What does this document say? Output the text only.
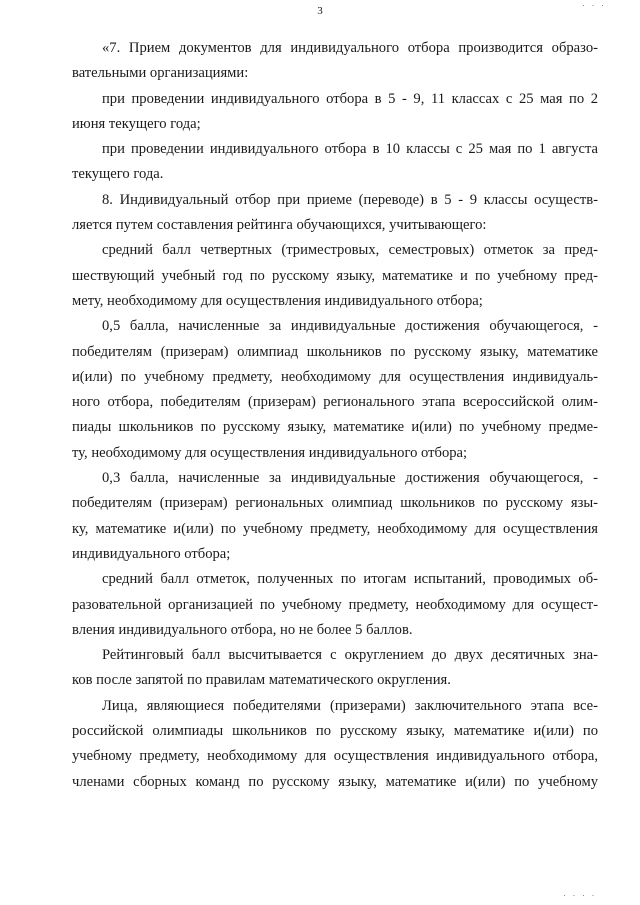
3	· · ·
· · · ·
«7. Прием документов для индивидуального отбора производится образо-
вательными организациями:
при проведении индивидуального отбора в 5 - 9, 11 классах с 25 мая по 2
июня текущего года;
при проведении индивидуального отбора в 10 классы с 25 мая по 1 августа
текущего года.
8. Индивидуальный отбор при приеме (переводе) в 5 - 9 классы осуществ-
ляется путем составления рейтинга обучающихся, учитывающего:
средний балл четвертных (триместровых, семестровых) отметок за пред-
шествующий учебный год по русскому языку, математике и по учебному пред-
мету, необходимому для осуществления индивидуального отбора;
0,5 балла, начисленные за индивидуальные достижения обучающегося, -
победителям (призерам) олимпиад школьников по русскому языку, математике
и(или) по учебному предмету, необходимому для осуществления индивидуаль-
ного отбора, победителям (призерам) регионального этапа всероссийской олим-
пиады школьников по русскому языку, математике и(или) по учебному предме-
ту, необходимому для осуществления индивидуального отбора;
0,3 балла, начисленные за индивидуальные достижения обучающегося, -
победителям (призерам) региональных олимпиад школьников по русскому язы-
ку, математике и(или) по учебному предмету, необходимому для осуществления
индивидуального отбора;
средний балл отметок, полученных по итогам испытаний, проводимых об-
разовательной организацией по учебному предмету, необходимому для осущест-
вления индивидуального отбора, но не более 5 баллов.
Рейтинговый балл высчитывается с округлением до двух десятичных зна-
ков после запятой по правилам математического округления.
Лица, являющиеся победителями (призерами) заключительного этапа все-
российской олимпиады школьников по русскому языку, математике и(или) по
учебному предмету, необходимому для осуществления индивидуального отбора,
членами сборных команд по русскому языку, математике и(или) по учебному
